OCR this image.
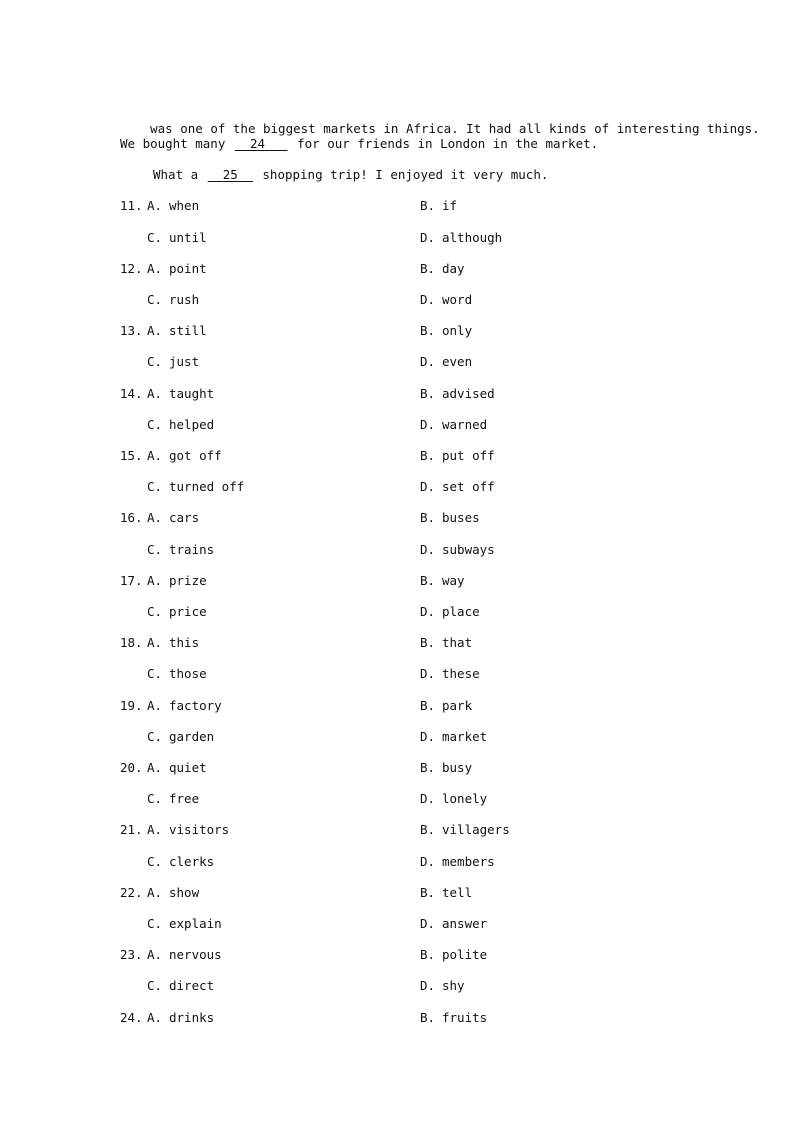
was one of the biggest markets in Africa. It had all kinds of interesting things.

We bought many   24    for our friends in London in the market.
What a   25   shopping trip! I enjoyed it very much.
11. A. when	B. if
C. until	D. although
12. A. point	B. day
C. rush	D. word
13. A. still	B. only
C. just	D. even
14. A. taught	B. advised
C. helped	D. warned
15. A. got off	B. put off
C. turned off	D. set off
16. A. cars	B. buses
C. trains	D. subways
17. A. prize	B. way
C. price	D. place
18. A. this	B. that
C. those	D. these
19. A. factory	B. park
C. garden	D. market
20. A. quiet	B. busy
C. free	D. lonely
21. A. visitors	B. villagers
C. clerks	D. members
22. A. show	B. tell
C. explain	D. answer
23. A. nervous	B. polite
C. direct	D. shy
24. A. drinks	B. fruits
